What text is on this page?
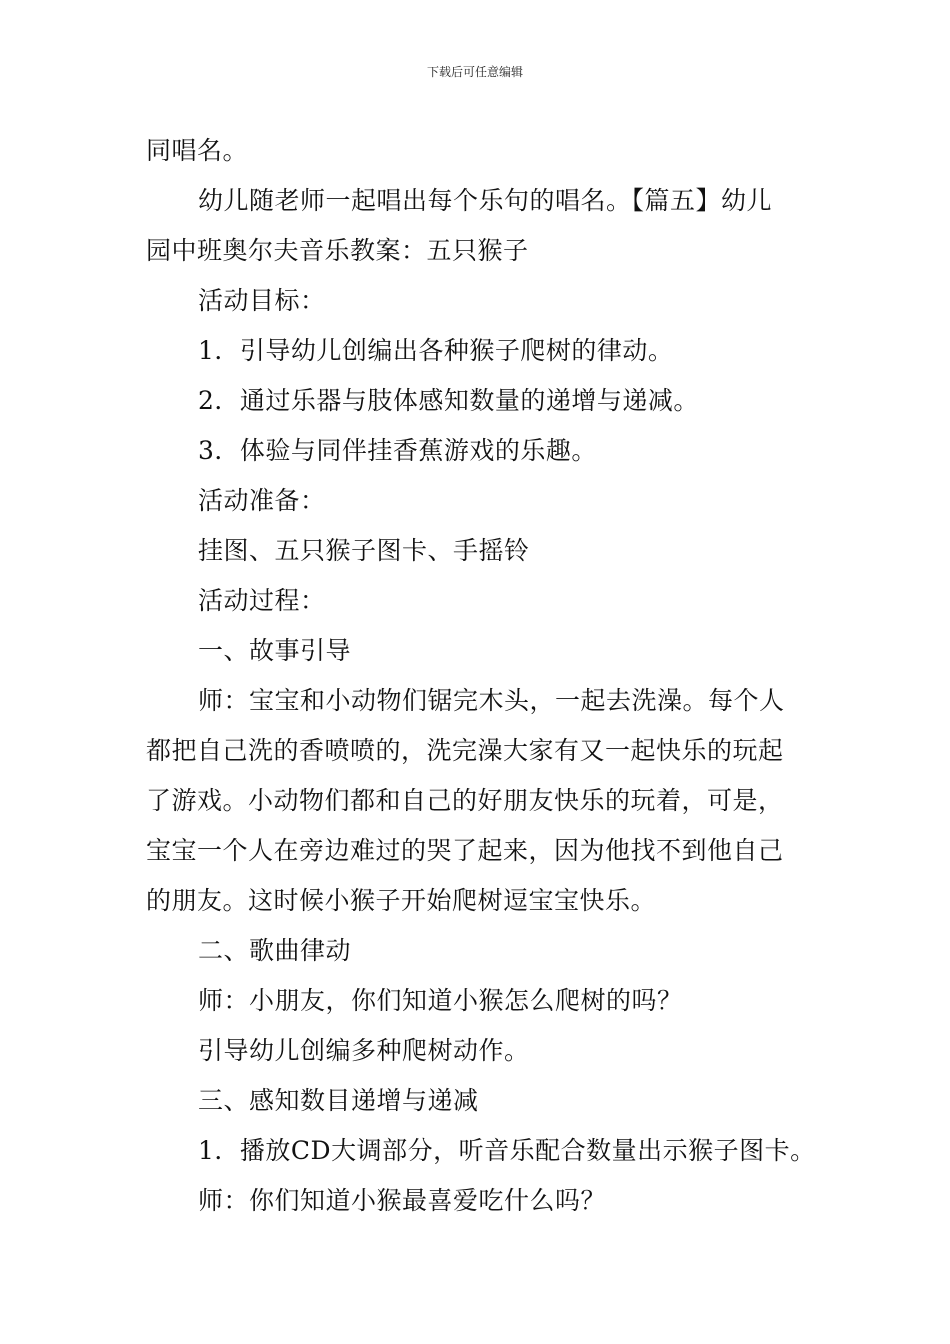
下载后可任意编辑
同唱名。
幼儿随老师一起唱出每个乐句的唱名。【篇五】幼儿
园中班奥尔夫音乐教案：五只猴子
活动目标：
1．引导幼儿创编出各种猴子爬树的律动。
2．通过乐器与肢体感知数量的递增与递减。
3．体验与同伴挂香蕉游戏的乐趣。
活动准备：
挂图、五只猴子图卡、手摇铃
活动过程：
一、故事引导
师：宝宝和小动物们锯完木头，一起去洗澡。每个人
都把自己洗的香喷喷的，洗完澡大家有又一起快乐的玩起
了游戏。小动物们都和自己的好朋友快乐的玩着，可是，
宝宝一个人在旁边难过的哭了起来，因为他找不到他自己
的朋友。这时候小猴子开始爬树逗宝宝快乐。
二、歌曲律动
师：小朋友，你们知道小猴怎么爬树的吗？
引导幼儿创编多种爬树动作。
三、感知数目递增与递减
1．播放CD大调部分，听音乐配合数量出示猴子图卡。
师：你们知道小猴最喜爱吃什么吗？
